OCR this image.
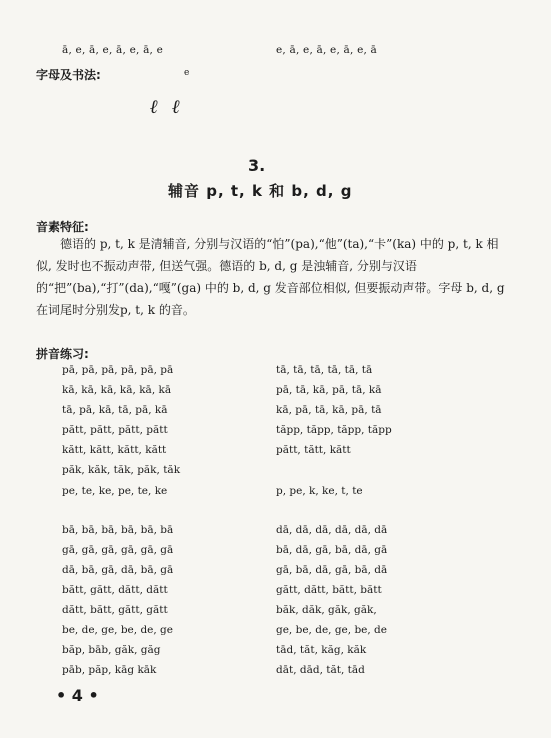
ā, e, ā, e, ā, e, ā, e	e, ā, e, ā, e, ā, e, ā
字母及书法:	e
ℓ ℓ
3.
辅音 p, t, k 和 b, d, g
音素特征:

德语的 p, t, k 是清辅音, 分别与汉语的“怕”(pa),“他”(ta),“卡”(ka) 中的 p, t, k 相似, 发时也不振动声带, 但送气强。德语的 b, d, g 是浊辅音, 分别与汉语的“把”(ba),“打”(da),“嘎”(ga) 中的 b, d, g 发音部位相似, 但要振动声带。字母 b, d, g 在词尾时分别发p, t, k 的音。

拼音练习:
pā, pā, pā, pā, pā, pā
kā, kā, kā, kā, kā, kā
tā, pā, kā, tā, pā, kā
pătt, pătt, pătt, pătt
kătt, kătt, kătt, kătt
păk, kăk, tăk, păk, tăk
pe, te, ke, pe, te, ke
bā, bā, bā, bā, bā, bā
gā, gā, gā, gā, gā, gā
dā, bā, gā, dā, bā, gā
bătt, gătt, dătt, dătt
dătt, bătt, gătt, gătt
be, de, ge, be, de, ge
băp, bāb, găk, găg
pāb, păp, kāg kāk
tā, tā, tā, tā, tā, tā
pā, tā, kā, pā, tā, kā
kā, pā, tā, kā, pā, tā
tăpp, tăpp, tăpp, tăpp
pătt, tătt, kătt
p, pe, k, ke, t, te
dā, dā, dā, dā, dā, dā
bā, dā, gā, bā, dā, gā
gā, bā, dā, gā, bā, dā
gătt, dătt, bătt, bătt
băk, dăk, găk, găk,
ge, be, de, ge, be, de
tād, tăt, kăg, kăk
dāt, dād, tăt, tād
• 4 •
